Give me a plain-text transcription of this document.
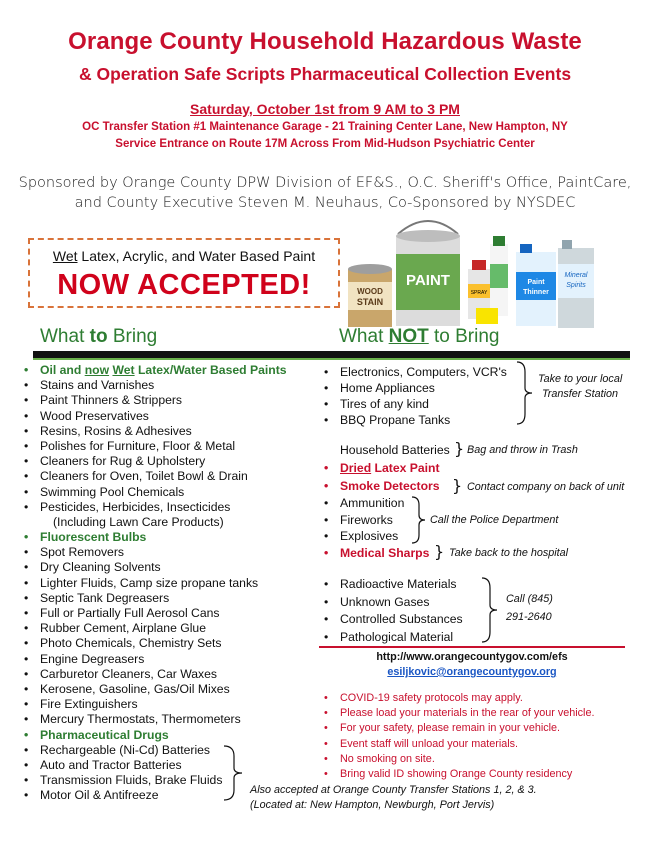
Orange County Household Hazardous Waste
& Operation Safe Scripts Pharmaceutical Collection Events
Saturday, October 1st from 9 AM to 3 PM
OC Transfer Station #1 Maintenance Garage - 21 Training Center Lane, New Hampton, NY
Service Entrance on Route 17M Across From Mid-Hudson Psychiatric Center
Sponsored by Orange County DPW Division of EF&S., O.C. Sheriff's Office, PaintCare,
and County Executive Steven M. Neuhaus, Co-Sponsored by NYSDEC
Wet Latex, Acrylic, and Water Based Paint
NOW ACCEPTED!	WOOD
STAIN
PAINT
SPRAY
Paint
Thinner
Mineral
Spirits
What to Bring	What NOT to Bring
• Oil and now Wet Latex/Water Based Paints
• Stains and Varnishes
• Paint Thinners & Strippers
• Wood Preservatives
• Resins, Rosins & Adhesives
• Polishes for Furniture, Floor & Metal
• Cleaners for Rug & Upholstery
• Cleaners for Oven, Toilet Bowl & Drain
• Swimming Pool Chemicals
• Pesticides, Herbicides, Insecticides
(Including Lawn Care Products)
• Fluorescent Bulbs
• Spot Removers
• Dry Cleaning Solvents
• Lighter Fluids, Camp size propane tanks
• Septic Tank Degreasers
• Full or Partially Full Aerosol Cans
• Rubber Cement, Airplane Glue
• Photo Chemicals, Chemistry Sets
• Engine Degreasers
• Carburetor Cleaners, Car Waxes
• Kerosene, Gasoline, Gas/Oil Mixes
• Fire Extinguishers
• Mercury Thermostats, Thermometers
• Pharmaceutical Drugs
• Rechargeable (Ni-Cd) Batteries
• Auto and Tractor Batteries
• Transmission Fluids, Brake Fluids
• Motor Oil & Antifreeze	Also accepted at Orange County Transfer Stations 1, 2, & 3.
(Located at: New Hampton, Newburgh, Port Jervis)
• Electronics, Computers, VCR's
• Home Appliances
• Tires of any kind
• BBQ Propane Tanks
Take to your local
Transfer Station
Household Batteries } Bag and throw in Trash
• Dried Latex Paint
• Smoke Detectors } Contact company on back of unit
• Ammunition
• Fireworks
• Explosives
Call the Police Department
• Medical Sharps } Take back to the hospital
• Radioactive Materials
• Unknown Gases
• Controlled Substances
• Pathological Material
Call (845)
291-2640
http://www.orangecountygov.com/efs
esiljkovic@orangecountygov.org
• COVID-19 safety protocols may apply.
• Please load your materials in the rear of your vehicle.
• For your safety, please remain in your vehicle.
• Event staff will unload your materials.
• No smoking on site.
• Bring valid ID showing Orange County residency
